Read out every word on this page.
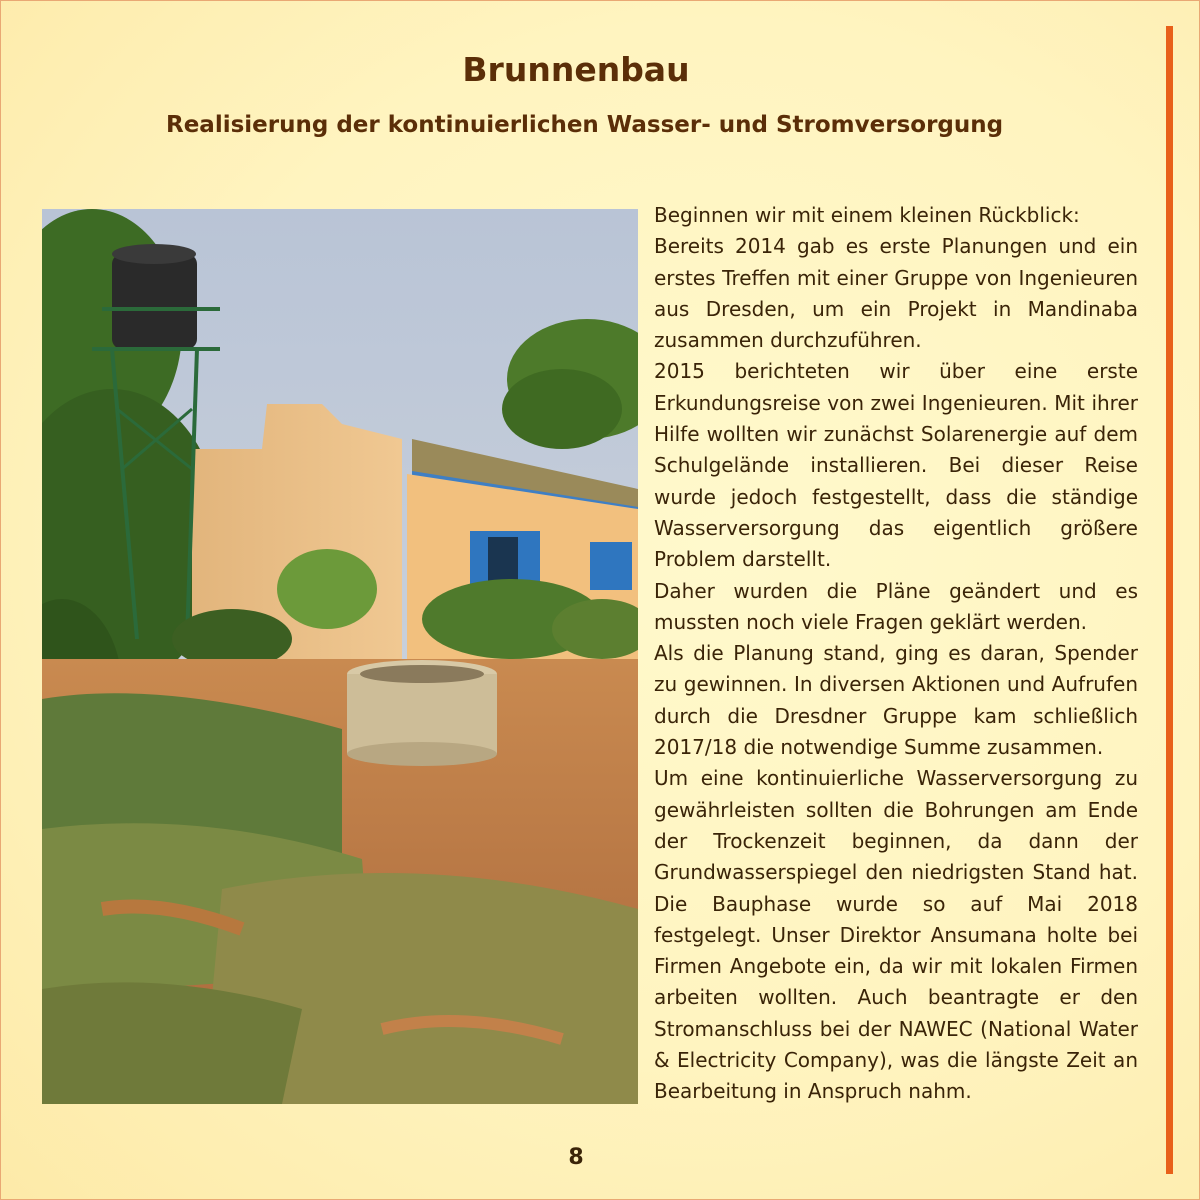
Brunnenbau
Realisierung der kontinuierlichen Wasser- und Stromversorgung

Beginnen wir mit einem kleinen Rückblick:

Bereits 2014 gab es erste Planungen und ein erstes Treffen mit einer Gruppe von Ingenieuren aus Dresden, um ein Projekt in Mandinaba zusammen durchzuführen.

2015 berichteten wir über eine erste Erkundungsreise von zwei Ingenieuren. Mit ihrer Hilfe wollten wir zunächst Solarenergie auf dem Schulgelände installieren. Bei dieser Reise wurde jedoch festgestellt, dass die ständige Wasserversorgung das eigentlich größere Problem darstellt.

Daher wurden die Pläne geändert und es mussten noch viele Fragen geklärt werden.

Als die Planung stand, ging es daran, Spender zu gewinnen. In diversen Aktionen und Aufrufen durch die Dresdner Gruppe kam schließlich 2017/18 die notwendige Summe zusammen.

Um eine kontinuierliche Wasserversorgung zu gewährleisten sollten die Bohrungen am Ende der Trockenzeit beginnen, da dann der Grundwasserspiegel den niedrigsten Stand hat. Die Bauphase wurde so auf Mai 2018 festgelegt. Unser Direktor Ansumana holte bei Firmen Angebote ein, da wir mit lokalen Firmen arbeiten wollten. Auch beantragte er den Stromanschluss bei der NAWEC (National Water & Electricity Company), was die längste Zeit an Bearbeitung in Anspruch nahm.

8
